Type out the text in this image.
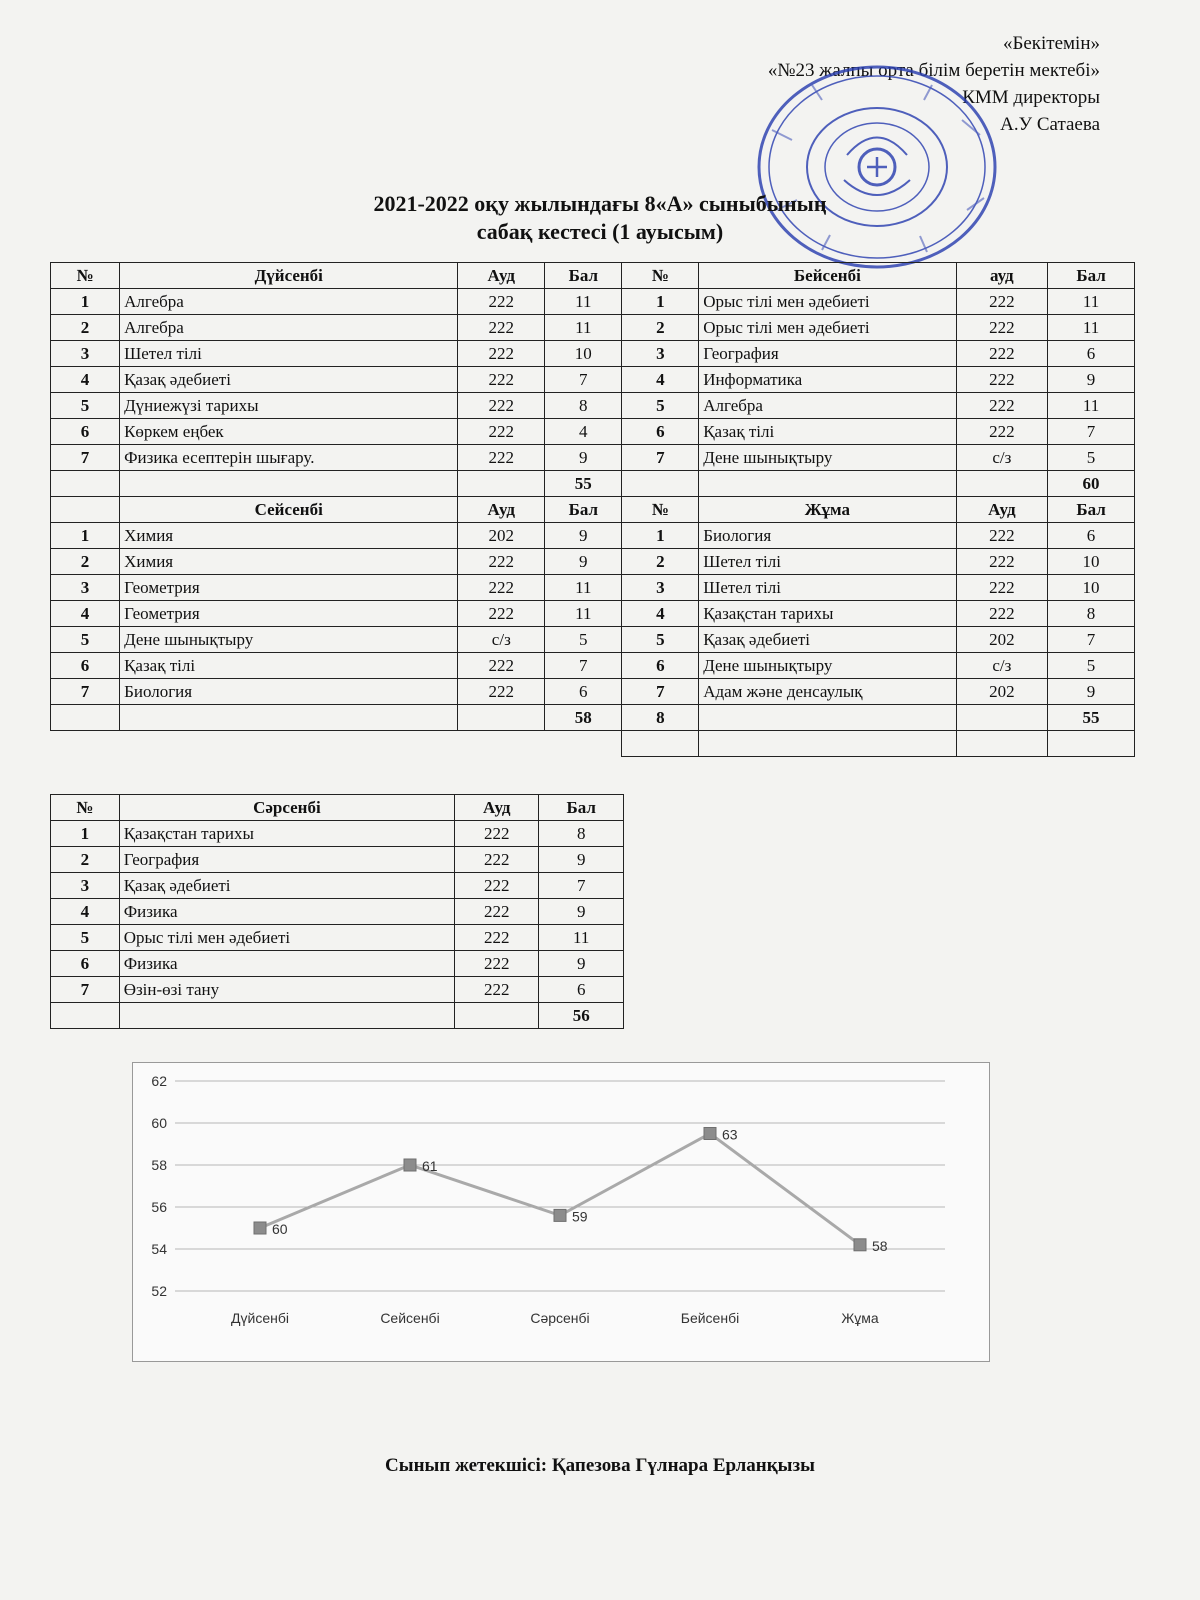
«Бекітемін»
«№23 жалпы орта білім беретін мектебі»
КММ директоры
А.У Сатаева
2021-2022 оқу жылындағы 8«А» сыныбының
сабақ кестесі (1 ауысым)
№	Дүйсенбі	Ауд	Бал	№	Бейсенбі	ауд	Бал
1	Алгебра	222	11	1	Орыс тілі мен әдебиеті	222	11
2	Алгебра	222	11	2	Орыс тілі мен әдебиеті	222	11
3	Шетел тілі	222	10	3	География	222	6
4	Қазақ әдебиеті	222	7	4	Информатика	222	9
5	Дүниежүзі тарихы	222	8	5	Алгебра	222	11
6	Көркем еңбек	222	4	6	Қазақ тілі	222	7
7	Физика есептерін шығару.	222	9	7	Дене шынықтыру	с/з	5
			55				60
	Сейсенбі	Ауд	Бал	№	Жұма	Ауд	Бал
1	Химия	202	9	1	Биология	222	6
2	Химия	222	9	2	Шетел тілі	222	10
3	Геометрия	222	11	3	Шетел тілі	222	10
4	Геометрия	222	11	4	Қазақстан тарихы	222	8
5	Дене шынықтыру	с/з	5	5	Қазақ әдебиеті	202	7
6	Қазақ тілі	222	7	6	Дене шынықтыру	с/з	5
7	Биология	222	6	7	Адам және денсаулық	202	9
			58	8			55

№	Сәрсенбі	Ауд	Бал
1	Қазақстан тарихы	222	8
2	География	222	9
3	Қазақ әдебиеті	222	7
4	Физика	222	9
5	Орыс тілі мен әдебиеті	222	11
6	Физика	222	9
7	Өзін-өзі тану	222	6
			56
52
54
56
58
60
62
Дүйсенбі	Сейсенбі	Сәрсенбі	Бейсенбі	Жұма
60
61
59
63
58
Сынып жетекшісі: Қапезова Гүлнара Ерланқызы
